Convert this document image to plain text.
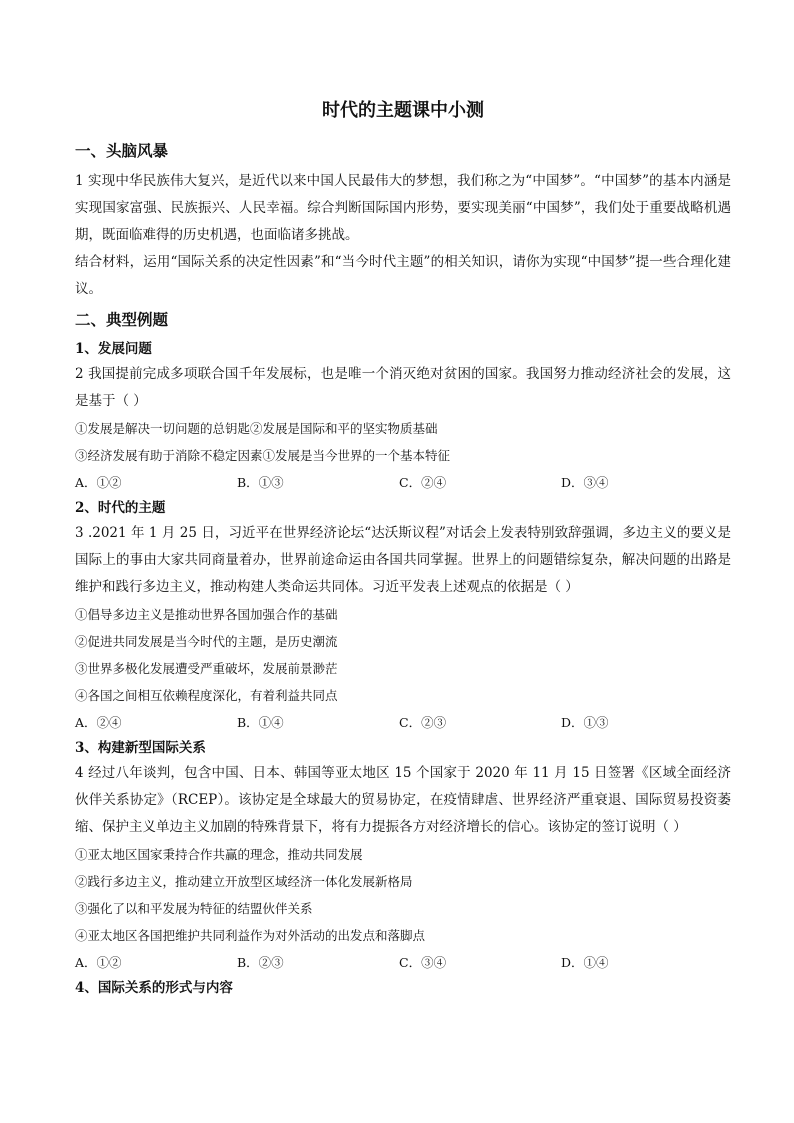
时代的主题课中小测
一、头脑风暴

1 实现中华民族伟大复兴，是近代以来中国人民最伟大的梦想，我们称之为“中国梦”。“中国梦”的基本内涵是实现国家富强、民族振兴、人民幸福。综合判断国际国内形势，要实现美丽“中国梦”，我们处于重要战略机遇期，既面临难得的历史机遇，也面临诸多挑战。

结合材料，运用“国际关系的决定性因素”和“当今时代主题”的相关知识，请你为实现“中国梦”提一些合理化建议。

二、典型例题
1、发展问题

2 我国提前完成多项联合国千年发展标，也是唯一个消灭绝对贫困的国家。我国努力推动经济社会的发展，这是基于（ ）

①发展是解决一切问题的总钥匙②发展是国际和平的坚实物质基础

③经济发展有助于消除不稳定因素①发展是当今世界的一个基本特征

A．①②	B．①③	C．②④	D．③④
2、时代的主题

3 .2021 年 1 月 25 日，习近平在世界经济论坛“达沃斯议程”对话会上发表特别致辞强调，多边主义的要义是国际上的事由大家共同商量着办，世界前途命运由各国共同掌握。世界上的问题错综复杂，解决问题的出路是维护和践行多边主义，推动构建人类命运共同体。习近平发表上述观点的依据是（ ）

①倡导多边主义是推动世界各国加强合作的基础

②促进共同发展是当今时代的主题，是历史潮流

③世界多极化发展遭受严重破坏，发展前景渺茫

④各国之间相互依赖程度深化，有着利益共同点

A．②④	B．①④	C．②③	D．①③
3、构建新型国际关系

4 经过八年谈判，包含中国、日本、韩国等亚太地区 15 个国家于 2020 年 11 月 15 日签署《区域全面经济伙伴关系协定》（RCEP）。该协定是全球最大的贸易协定，在疫情肆虐、世界经济严重衰退、国际贸易投资萎缩、保护主义单边主义加剧的特殊背景下，将有力提振各方对经济增长的信心。该协定的签订说明（ ）

①亚太地区国家秉持合作共赢的理念，推动共同发展

②践行多边主义，推动建立开放型区域经济一体化发展新格局

③强化了以和平发展为特征的结盟伙伴关系

④亚太地区各国把维护共同利益作为对外活动的出发点和落脚点

A．①②	B．②③	C．③④	D．①④
4、国际关系的形式与内容
